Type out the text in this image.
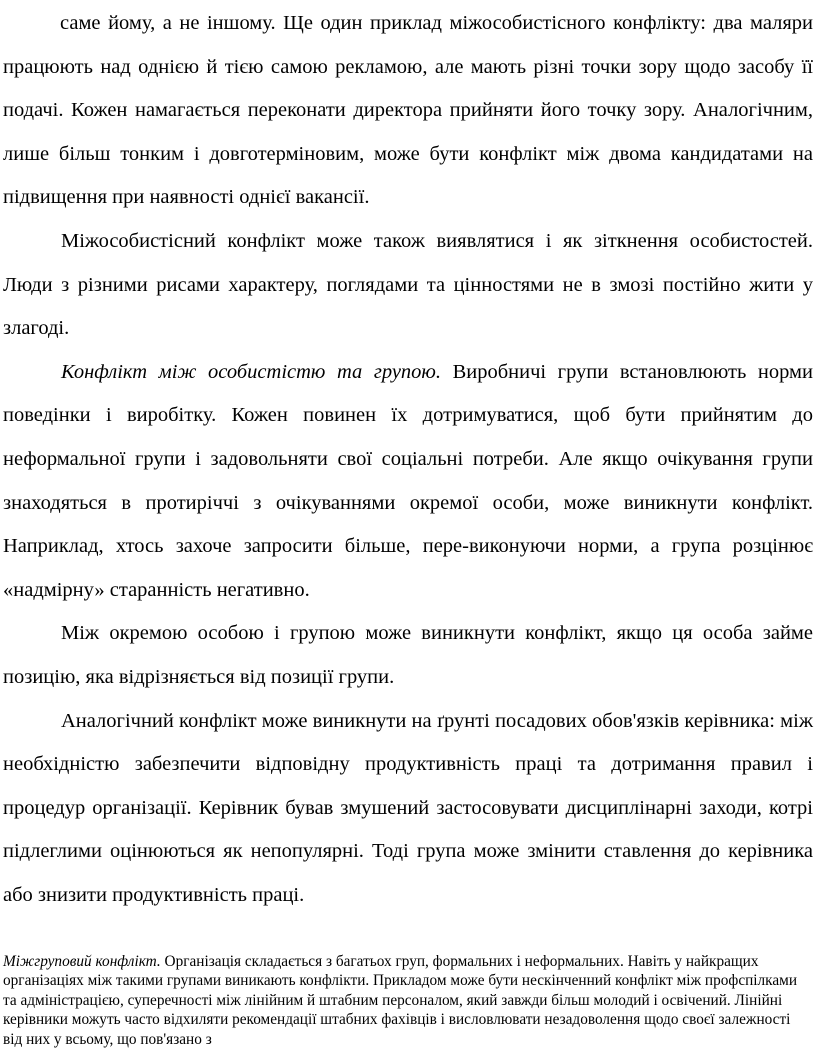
саме йому, а не іншому. Ще один приклад міжособистісного конфлікту: два маляри працюють над однією й тією самою рекламою, але мають різні точки зору щодо засобу її подачі. Кожен намагається переконати директора прийняти його точку зору. Аналогічним, лише більш тонким і довготерміновим, може бути конфлікт між двома кандидатами на підвищення при наявності однієї вакансії.

Міжособистісний конфлікт може також виявлятися і як зіткнення особистостей. Люди з різними рисами характеру, поглядами та цінностями не в змозі постійно жити у злагоді.

Конфлікт між особистістю та групою. Виробничі групи встановлюють норми поведінки і виробітку. Кожен повинен їх дотримуватися, щоб бути прийнятим до неформальної групи і задовольняти свої соціальні потреби. Але якщо очікування групи знаходяться в протиріччі з очікуваннями окремої особи, може виникнути конфлікт. Наприклад, хтось захоче запросити більше, пере-виконуючи норми, а група розцінює «надмірну» старанність негативно.

Між окремою особою і групою може виникнути конфлікт, якщо ця особа займе позицію, яка відрізняється від позиції групи.

Аналогічний конфлікт може виникнути на ґрунті посадових обов'язків керівника: між необхідністю забезпечити відповідну продуктивність праці та дотримання правил і процедур організації. Керівник бував змушений застосовувати дисциплінарні заходи, котрі підлеглими оцінюються як непопулярні. Тоді група може змінити ставлення до керівника або знизити продуктивність праці.

Міжгруповий конфлікт. Організація складається з багатьох груп, формальних і неформальних. Навіть у найкращих організаціях між такими групами виникають конфлікти. Прикладом може бути нескінченний конфлікт між профспілками та адміністрацією, суперечності між лінійним й штабним персоналом, який завжди більш молодий і освічений. Лінійні керівники можуть часто відхиляти рекомендації штабних фахівців і висловлювати незадоволення щодо своєї залежності від них у всьому, що пов'язано з
